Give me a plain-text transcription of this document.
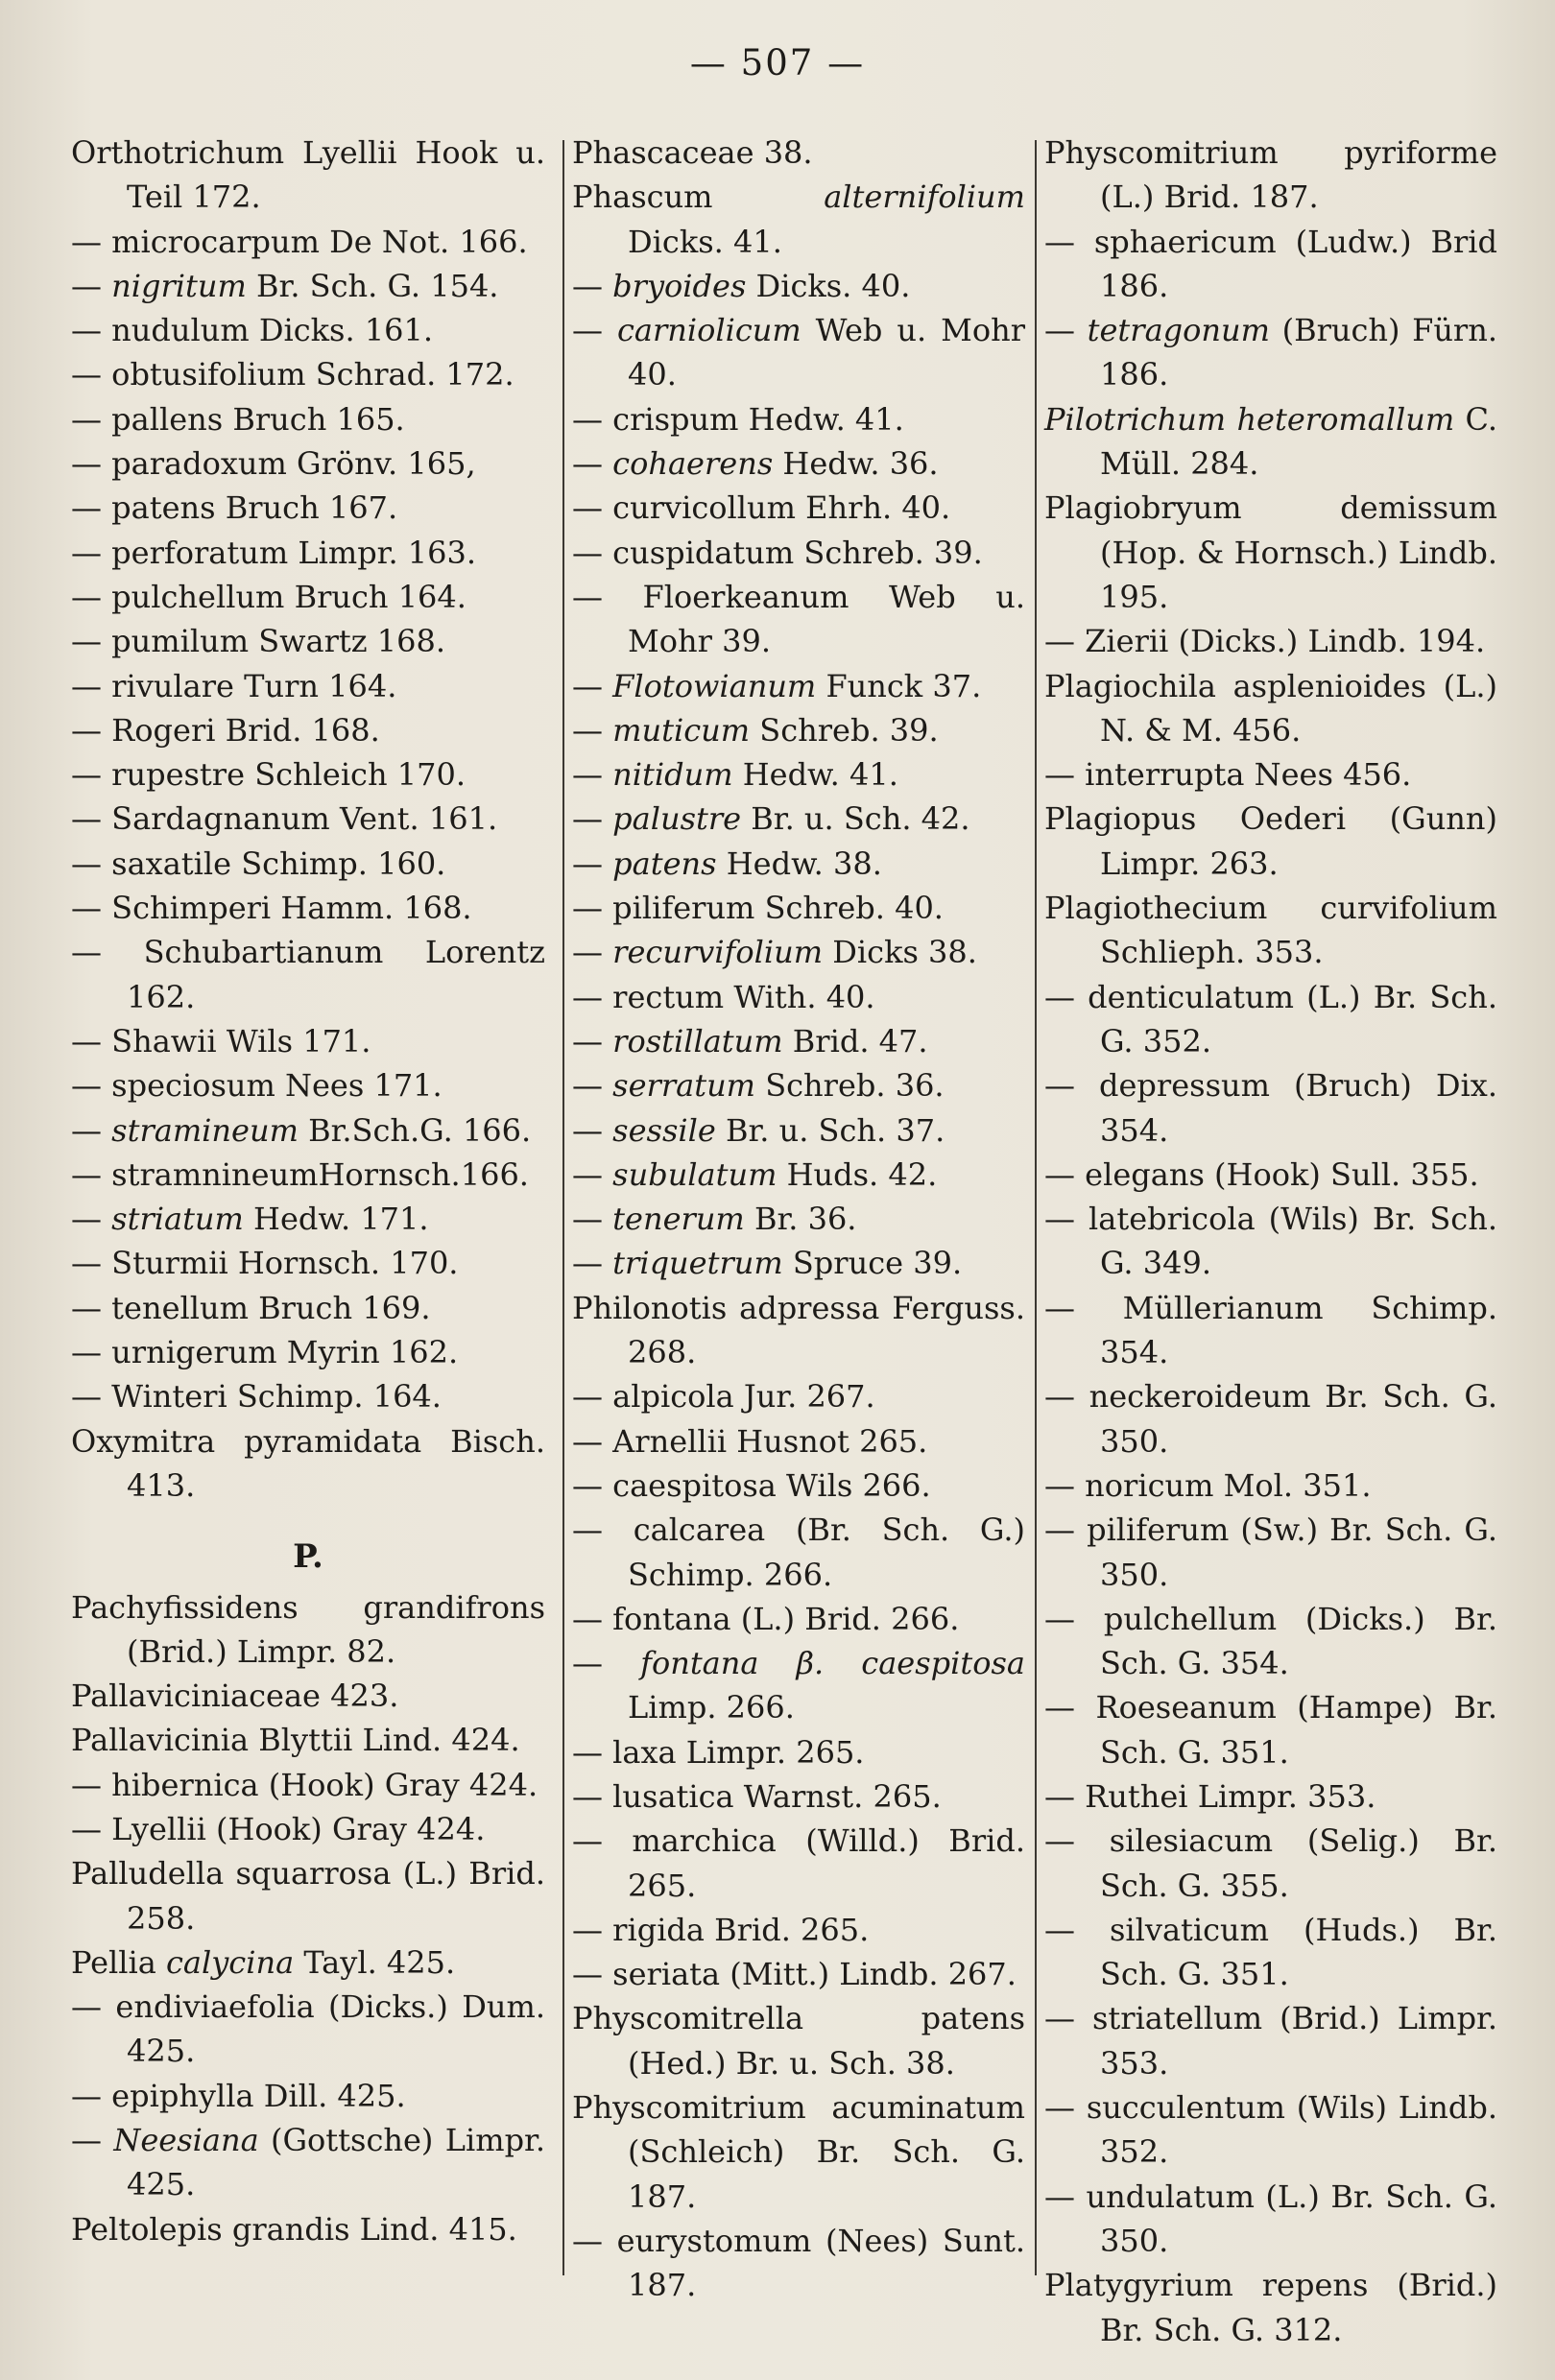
— 507 —

Orthotrichum Lyellii Hook u. Teil 172.

— microcarpum De Not. 166.

— nigritum Br. Sch. G. 154.

— nudulum Dicks. 161.

— obtusifolium Schrad. 172.

— pallens Bruch 165.

— paradoxum Grönv. 165,

— patens Bruch 167.

— perforatum Limpr. 163.

— pulchellum Bruch 164.

— pumilum Swartz 168.

— rivulare Turn 164.

— Rogeri Brid. 168.

— rupestre Schleich 170.

— Sardagnanum Vent. 161.

— saxatile Schimp. 160.

— Schimperi Hamm. 168.

— Schubartianum Lorentz 162.

— Shawii Wils 171.

— speciosum Nees 171.

— stramineum Br.Sch.G. 166.

— stramnineumHornsch.166.

— striatum Hedw. 171.

— Sturmii Hornsch. 170.

— tenellum Bruch 169.

— urnigerum Myrin 162.

— Winteri Schimp. 164.

Oxymitra pyramidata Bisch. 413.

P.

Pachyfissidens grandifrons (Brid.) Limpr. 82.

Pallaviciniaceae 423.

Pallavicinia Blyttii Lind. 424.

— hibernica (Hook) Gray 424.

— Lyellii (Hook) Gray 424.

Palludella squarrosa (L.) Brid. 258.

Pellia calycina Tayl. 425.

— endiviaefolia (Dicks.) Dum. 425.

— epiphylla Dill. 425.

— Neesiana (Gottsche) Limpr. 425.

Peltolepis grandis Lind. 415.

Phascaceae 38.

Phascum alternifolium Dicks. 41.

— bryoides Dicks. 40.

— carniolicum Web u. Mohr 40.

— crispum Hedw. 41.

— cohaerens Hedw. 36.

— curvicollum Ehrh. 40.

— cuspidatum Schreb. 39.

— Floerkeanum Web u. Mohr 39.

— Flotowianum Funck 37.

— muticum Schreb. 39.

— nitidum Hedw. 41.

— palustre Br. u. Sch. 42.

— patens Hedw. 38.

— piliferum Schreb. 40.

— recurvifolium Dicks 38.

— rectum With. 40.

— rostillatum Brid. 47.

— serratum Schreb. 36.

— sessile Br. u. Sch. 37.

— subulatum Huds. 42.

— tenerum Br. 36.

— triquetrum Spruce 39.

Philonotis adpressa Ferguss. 268.

— alpicola Jur. 267.

— Arnellii Husnot 265.

— caespitosa Wils 266.

— calcarea (Br. Sch. G.) Schimp. 266.

— fontana (L.) Brid. 266.

— fontana β. caespitosa Limp. 266.

— laxa Limpr. 265.

— lusatica Warnst. 265.

— marchica (Willd.) Brid. 265.

— rigida Brid. 265.

— seriata (Mitt.) Lindb. 267.

Physcomitrella patens (Hed.) Br. u. Sch. 38.

Physcomitrium acuminatum (Schleich) Br. Sch. G. 187.

— eurystomum (Nees) Sunt. 187.

Physcomitrium pyriforme (L.) Brid. 187.

— sphaericum (Ludw.) Brid 186.

— tetragonum (Bruch) Fürn. 186.

Pilotrichum heteromallum C. Müll. 284.

Plagiobryum demissum (Hop. & Hornsch.) Lindb. 195.

— Zierii (Dicks.) Lindb. 194.

Plagiochila asplenioides (L.) N. & M. 456.

— interrupta Nees 456.

Plagiopus Oederi (Gunn) Limpr. 263.

Plagiothecium curvifolium Schlieph. 353.

— denticulatum (L.) Br. Sch. G. 352.

— depressum (Bruch) Dix. 354.

— elegans (Hook) Sull. 355.

— latebricola (Wils) Br. Sch. G. 349.

— Müllerianum Schimp. 354.

— neckeroideum Br. Sch. G. 350.

— noricum Mol. 351.

— piliferum (Sw.) Br. Sch. G. 350.

— pulchellum (Dicks.) Br. Sch. G. 354.

— Roeseanum (Hampe) Br. Sch. G. 351.

— Ruthei Limpr. 353.

— silesiacum (Selig.) Br. Sch. G. 355.

— silvaticum (Huds.) Br. Sch. G. 351.

— striatellum (Brid.) Limpr. 353.

— succulentum (Wils) Lindb. 352.

— undulatum (L.) Br. Sch. G. 350.

Platygyrium repens (Brid.) Br. Sch. G. 312.
